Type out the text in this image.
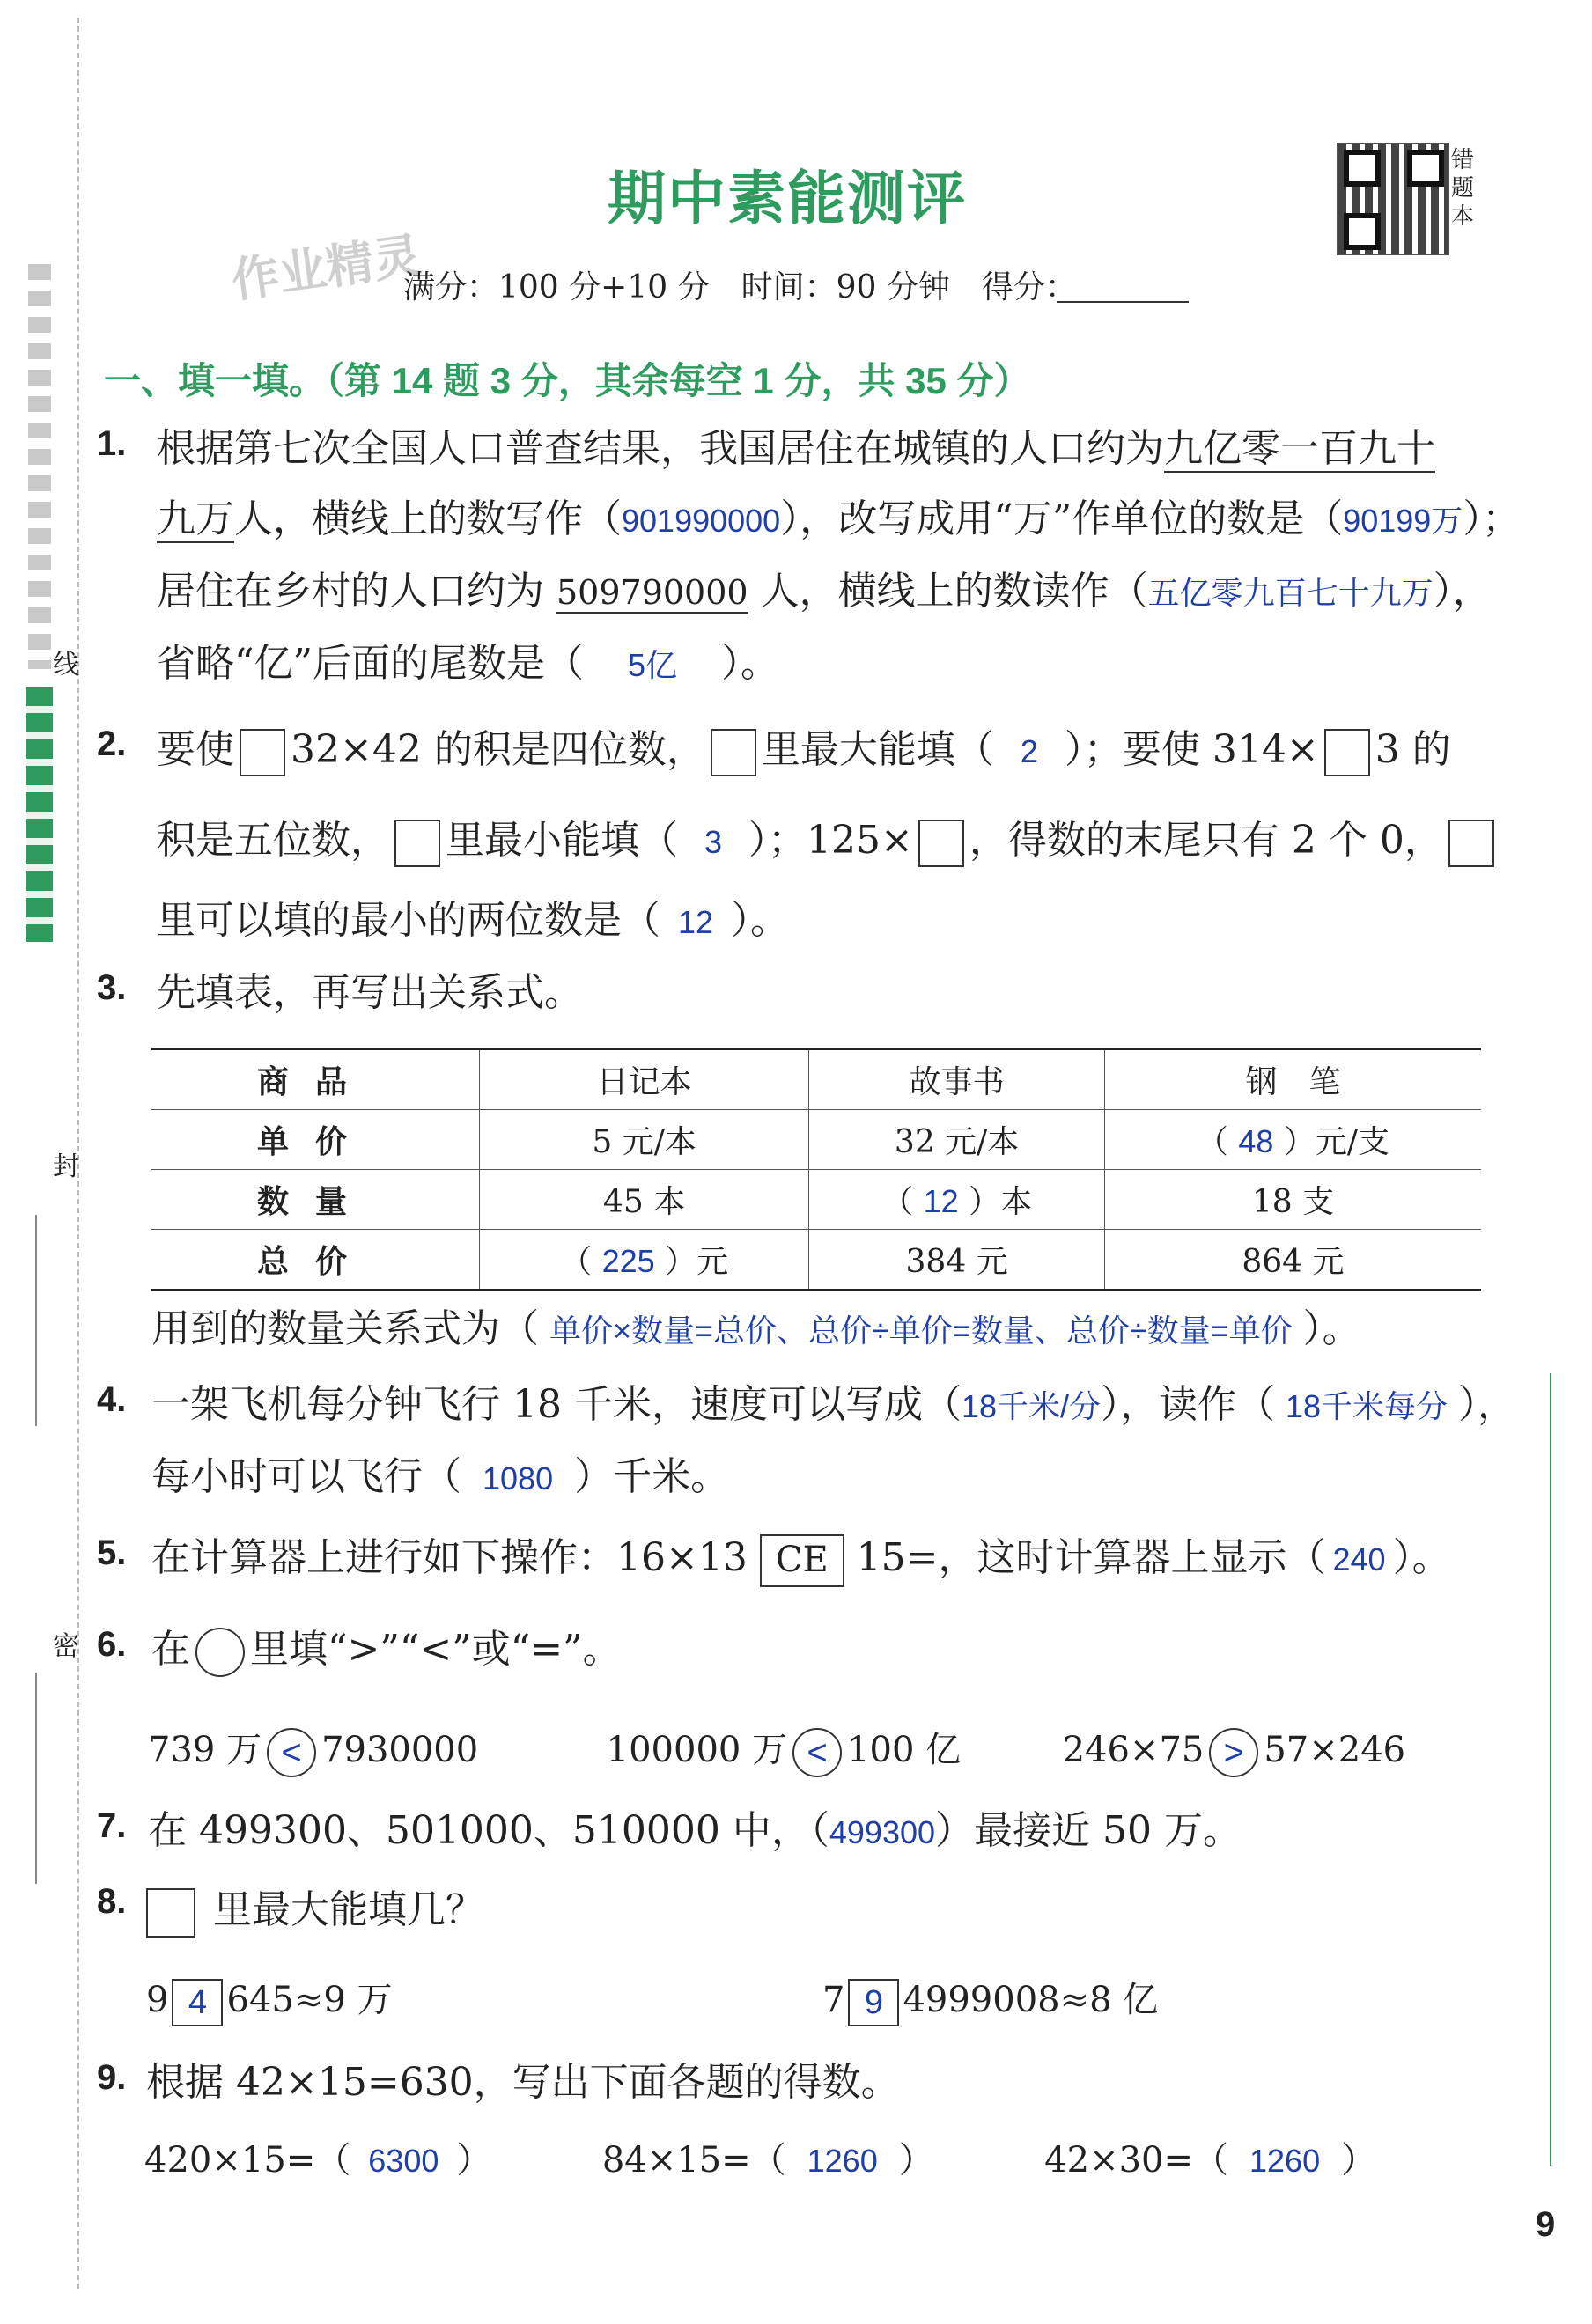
线
封
密
9
期中素能测评
作业精灵
错题本
满分：100 分+10 分　时间：90 分钟　得分：
一、填一填。（第 14 题 3 分，其余每空 1 分，共 35 分）
1. 根据第七次全国人口普查结果，我国居住在城镇的人口约为九亿零一百九十
九万人，横线上的数写作（901990000），改写成用“万”作单位的数是（90199万）；
居住在乡村的人口约为 509790000 人，横线上的数读作（五亿零九百七十九万），
省略“亿”后面的尾数是（ 5亿 ）。
2. 要使 32×42 的积是四位数， 里最大能填（ 2 ）；要使 314× 3 的
积是五位数， 里最小能填（ 3 ）；125× ，得数的末尾只有 2 个 0，
里可以填的最小的两位数是（ 12 ）。
3. 先填表，再写出关系式。
商品	日记本	故事书	钢　笔
单价	5 元/本	32 元/本	（ 48 ）元/支
数量	45 本	（ 12 ）本	18 支
总价	（ 225 ）元	384 元	864 元
用到的数量关系式为（ 单价×数量=总价、总价÷单价=数量、总价÷数量=单价 ）。
4. 一架飞机每分钟飞行 18 千米，速度可以写成（18千米/分），读作（ 18千米每分 ），
每小时可以飞行（ 1080 ）千米。
5. 在计算器上进行如下操作：16×13 CE 15=，这时计算器上显示（ 240 ）。
6. 在 里填“>”“<”或“=”。
739 万 < 7930000	100000 万 < 100 亿	246×75 > 57×246
7. 在 499300、501000、510000 中，（499300）最接近 50 万。
8.	里最大能填几？
9 4 645≈9 万	7 9 4999008≈8 亿
9. 根据 42×15=630，写出下面各题的得数。
420×15=（ 6300 ）	84×15=（ 1260 ）	42×30=（ 1260 ）
